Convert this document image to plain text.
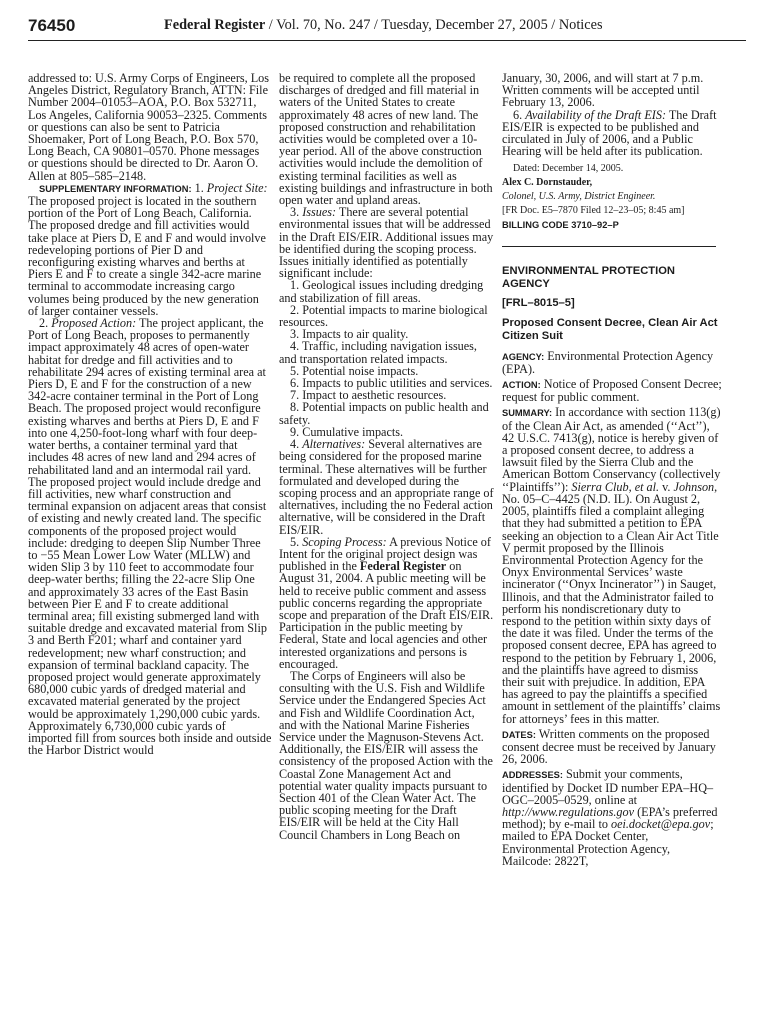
76450	Federal Register / Vol. 70, No. 247 / Tuesday, December 27, 2005 / Notices

addressed to: U.S. Army Corps of Engineers, Los Angeles District, Regulatory Branch, ATTN: File Number 2004–01053–AOA, P.O. Box 532711, Los Angeles, California 90053–2325. Comments or questions can also be sent to Patricia Shoemaker, Port of Long Beach, P.O. Box 570, Long Beach, CA 90801–0570. Phone messages or questions should be directed to Dr. Aaron O. Allen at 805–585–2148.

SUPPLEMENTARY INFORMATION: 1. Project Site: The proposed project is located in the southern portion of the Port of Long Beach, California. The proposed dredge and fill activities would take place at Piers D, E and F and would involve redeveloping portions of Pier D and reconfiguring existing wharves and berths at Piers E and F to create a single 342-acre marine terminal to accommodate increasing cargo volumes being produced by the new generation of larger container vessels.

2. Proposed Action: The project applicant, the Port of Long Beach, proposes to permanently impact approximately 48 acres of open-water habitat for dredge and fill activities and to rehabilitate 294 acres of existing terminal area at Piers D, E and F for the construction of a new 342-acre container terminal in the Port of Long Beach. The proposed project would reconfigure existing wharves and berths at Piers D, E and F into one 4,250-foot-long wharf with four deep-water berths, a container terminal yard that includes 48 acres of new land and 294 acres of rehabilitated land and an intermodal rail yard. The proposed project would include dredge and fill activities, new wharf construction and terminal expansion on adjacent areas that consist of existing and newly created land. The specific components of the proposed project would include: dredging to deepen Slip Number Three to −55 Mean Lower Low Water (MLLW) and widen Slip 3 by 110 feet to accommodate four deep-water berths; filling the 22-acre Slip One and approximately 33 acres of the East Basin between Pier E and F to create additional terminal area; fill existing submerged land with suitable dredge and excavated material from Slip 3 and Berth F201; wharf and container yard redevelopment; new wharf construction; and expansion of terminal backland capacity. The proposed project would generate approximately 680,000 cubic yards of dredged material and excavated material generated by the project would be approximately 1,290,000 cubic yards. Approximately 6,730,000 cubic yards of imported fill from sources both inside and outside the Harbor District would

be required to complete all the proposed discharges of dredged and fill material in waters of the United States to create approximately 48 acres of new land. The proposed construction and rehabilitation activities would be completed over a 10-year period. All of the above construction activities would include the demolition of existing terminal facilities as well as existing buildings and infrastructure in both open water and upland areas.

3. Issues: There are several potential environmental issues that will be addressed in the Draft EIS/EIR. Additional issues may be identified during the scoping process. Issues initially identified as potentially significant include:

1. Geological issues including dredging and stabilization of fill areas.

2. Potential impacts to marine biological resources.

3. Impacts to air quality.

4. Traffic, including navigation issues, and transportation related impacts.

5. Potential noise impacts.

6. Impacts to public utilities and services.

7. Impact to aesthetic resources.

8. Potential impacts on public health and safety.

9. Cumulative impacts.

4. Alternatives: Several alternatives are being considered for the proposed marine terminal. These alternatives will be further formulated and developed during the scoping process and an appropriate range of alternatives, including the no Federal action alternative, will be considered in the Draft EIS/EIR.

5. Scoping Process: A previous Notice of Intent for the original project design was published in the Federal Register on August 31, 2004. A public meeting will be held to receive public comment and assess public concerns regarding the appropriate scope and preparation of the Draft EIS/EIR. Participation in the public meeting by Federal, State and local agencies and other interested organizations and persons is encouraged.

The Corps of Engineers will also be consulting with the U.S. Fish and Wildlife Service under the Endangered Species Act and Fish and Wildlife Coordination Act, and with the National Marine Fisheries Service under the Magnuson-Stevens Act. Additionally, the EIS/EIR will assess the consistency of the proposed Action with the Coastal Zone Management Act and potential water quality impacts pursuant to Section 401 of the Clean Water Act. The public scoping meeting for the Draft EIS/EIR will be held at the City Hall Council Chambers in Long Beach on

January, 30, 2006, and will start at 7 p.m. Written comments will be accepted until February 13, 2006.

6. Availability of the Draft EIS: The Draft EIS/EIR is expected to be published and circulated in July of 2006, and a Public Hearing will be held after its publication.

Dated: December 14, 2005.

Alex C. Dornstauder,

Colonel, U.S. Army, District Engineer.

[FR Doc. E5–7870 Filed 12–23–05; 8:45 am]

BILLING CODE 3710–92–P

ENVIRONMENTAL PROTECTION AGENCY

[FRL–8015–5]

Proposed Consent Decree, Clean Air Act Citizen Suit

AGENCY: Environmental Protection Agency (EPA).

ACTION: Notice of Proposed Consent Decree; request for public comment.

SUMMARY: In accordance with section 113(g) of the Clean Air Act, as amended (‘‘Act’’), 42 U.S.C. 7413(g), notice is hereby given of a proposed consent decree, to address a lawsuit filed by the Sierra Club and the American Bottom Conservancy (collectively ‘‘Plaintiffs’’): Sierra Club, et al. v. Johnson, No. 05–C–4425 (N.D. IL). On August 2, 2005, plaintiffs filed a complaint alleging that they had submitted a petition to EPA seeking an objection to a Clean Air Act Title V permit proposed by the Illinois Environmental Protection Agency for the Onyx Environmental Services’ waste incinerator (‘‘Onyx Incinerator’’) in Sauget, Illinois, and that the Administrator failed to perform his nondiscretionary duty to respond to the petition within sixty days of the date it was filed. Under the terms of the proposed consent decree, EPA has agreed to respond to the petition by February 1, 2006, and the plaintiffs have agreed to dismiss their suit with prejudice. In addition, EPA has agreed to pay the plaintiffs a specified amount in settlement of the plaintiffs’ claims for attorneys’ fees in this matter.

DATES: Written comments on the proposed consent decree must be received by January 26, 2006.

ADDRESSES: Submit your comments, identified by Docket ID number EPA–HQ–OGC–2005–0529, online at http://www.regulations.gov (EPA’s preferred method); by e-mail to oei.docket@epa.gov; mailed to EPA Docket Center, Environmental Protection Agency, Mailcode: 2822T,
